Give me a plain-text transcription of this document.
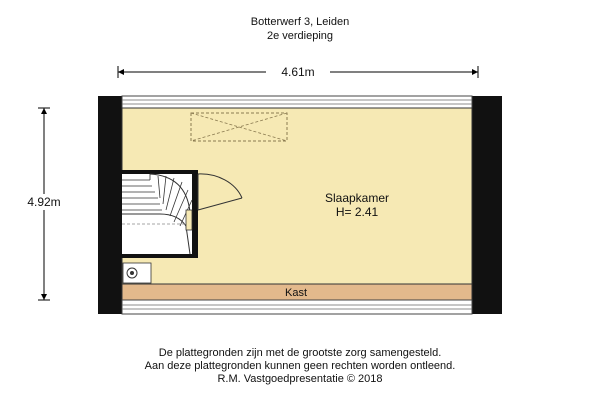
Botterwerf 3, Leiden
2e verdieping
4.61m
4.92m
Kast
Slaapkamer
H= 2.41
De plattegronden zijn met de grootste zorg samengesteld.
Aan deze plattegronden kunnen geen rechten worden ontleend.
R.M. Vastgoedpresentatie © 2018
